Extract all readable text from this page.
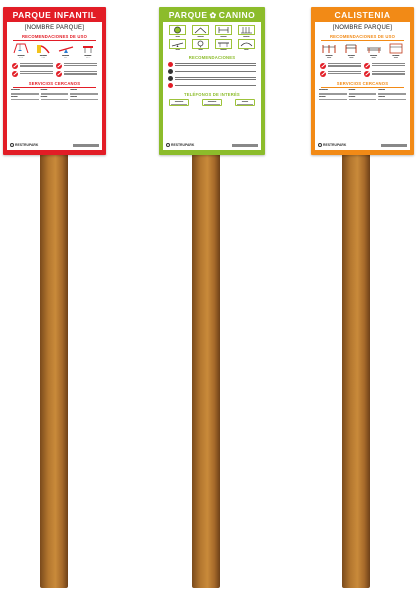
PARQUE INFANTIL
[NOMBRE PARQUE]
RECOMENDACIONES DE USO
▬▬▬
▪ ▪ ▪
▬▬▬
▪ ▪ ▪
▬▬▬
▪ ▪ ▪
▬▬▬
▪ ▪ ▪
SERVICIOS CERCANOS
▬▬▬▬	▬▬▬	▬▬▬
▬▬▬	▬▬▬	▬▬▬
RESTRUPARK
PARQUE ✿ CANINO
▬▬	▬▬▬	▬▬▬	▬▬▬
▬▬	▬▬	▬▬▬	▬▬
RECOMENDACIONES
TELÉFONOS DE INTERÉS
▬▬▬▬	▬▬▬▬	▬▬▬
RESTRUPARK
CALISTENIA
[NOMBRE PARQUE]
RECOMENDACIONES DE USO
▬▬▬
▬▬
▬▬▬
▬▬
▬▬▬
▬▬
▬▬▬
▬▬
SERVICIOS CERCANOS
▬▬▬▬	▬▬▬	▬▬▬
▬▬▬	▬▬▬	▬▬▬
RESTRUPARK
